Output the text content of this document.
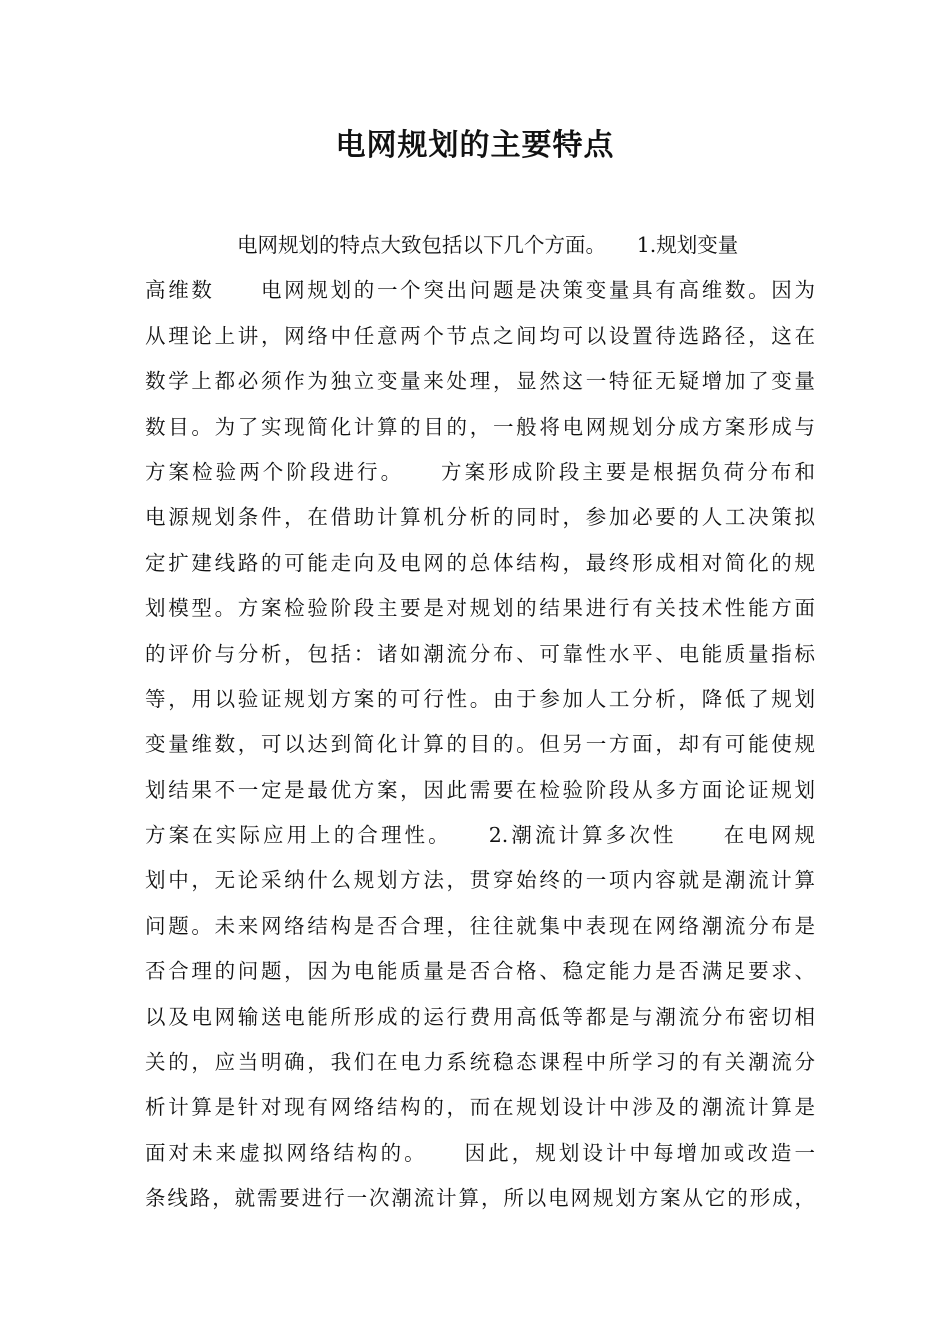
电网规划的主要特点
电网规划的特点大致包括以下几个方面。　　1.规划变量
高维数　　电网规划的一个突出问题是决策变量具有高维数。因为
从理论上讲，网络中任意两个节点之间均可以设置待选路径，这在
数学上都必须作为独立变量来处理，显然这一特征无疑增加了变量
数目。为了实现简化计算的目的，一般将电网规划分成方案形成与
方案检验两个阶段进行。　　方案形成阶段主要是根据负荷分布和
电源规划条件，在借助计算机分析的同时，参加必要的人工决策拟
定扩建线路的可能走向及电网的总体结构，最终形成相对简化的规
划模型。方案检验阶段主要是对规划的结果进行有关技术性能方面
的评价与分析，包括：诸如潮流分布、可靠性水平、电能质量指标
等，用以验证规划方案的可行性。由于参加人工分析，降低了规划
变量维数，可以达到简化计算的目的。但另一方面，却有可能使规
划结果不一定是最优方案，因此需要在检验阶段从多方面论证规划
方案在实际应用上的合理性。　　2.潮流计算多次性　　在电网规
划中，无论采纳什么规划方法，贯穿始终的一项内容就是潮流计算
问题。未来网络结构是否合理，往往就集中表现在网络潮流分布是
否合理的问题，因为电能质量是否合格、稳定能力是否满足要求、
以及电网输送电能所形成的运行费用高低等都是与潮流分布密切相
关的，应当明确，我们在电力系统稳态课程中所学习的有关潮流分
析计算是针对现有网络结构的，而在规划设计中涉及的潮流计算是
面对未来虚拟网络结构的。　　因此，规划设计中每增加或改造一
条线路，就需要进行一次潮流计算，所以电网规划方案从它的形成，
